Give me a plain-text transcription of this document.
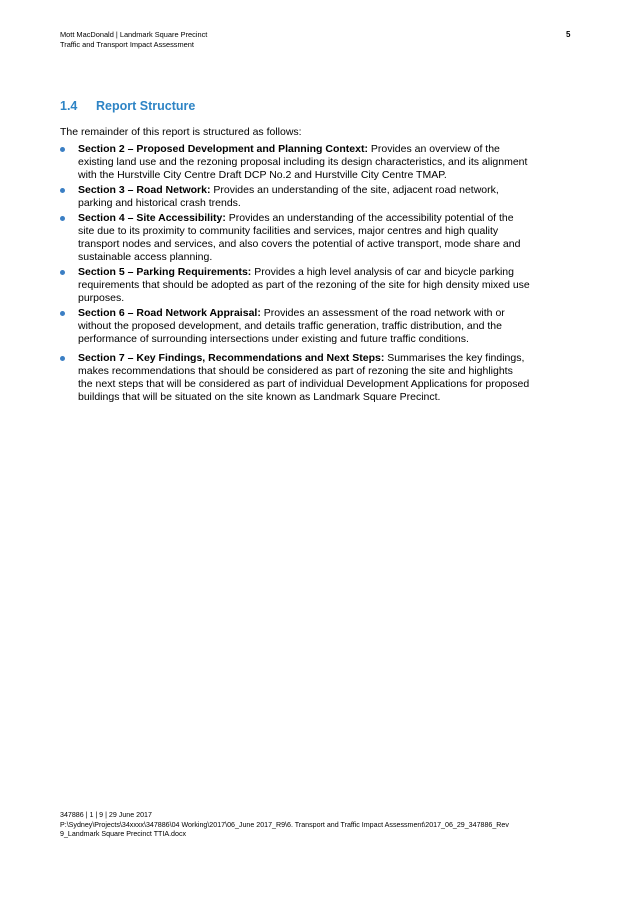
Mott MacDonald | Landmark Square Precinct
Traffic and Transport Impact Assessment
5
1.4 Report Structure
The remainder of this report is structured as follows:
Section 2 – Proposed Development and Planning Context: Provides an overview of the existing land use and the rezoning proposal including its design characteristics, and its alignment with the Hurstville City Centre Draft DCP No.2 and Hurstville City Centre TMAP.
Section 3 – Road Network: Provides an understanding of the site, adjacent road network, parking and historical crash trends.
Section 4 – Site Accessibility: Provides an understanding of the accessibility potential of the site due to its proximity to community facilities and services, major centres and high quality transport nodes and services, and also covers the potential of active transport, mode share and sustainable access planning.
Section 5 – Parking Requirements: Provides a high level analysis of car and bicycle parking requirements that should be adopted as part of the rezoning of the site for high density mixed use purposes.
Section 6 – Road Network Appraisal: Provides an assessment of the road network with or without the proposed development, and details traffic generation, traffic distribution, and the performance of surrounding intersections under existing and future traffic conditions.
Section 7 – Key Findings, Recommendations and Next Steps: Summarises the key findings, makes recommendations that should be considered as part of rezoning the site and highlights the next steps that will be considered as part of individual Development Applications for proposed buildings that will be situated on the site known as Landmark Square Precinct.
347886 | 1 | 9 | 29 June 2017
P:\Sydney\Projects\34xxxx\347886\04 Working\2017\06_June 2017_R9\6. Transport and Traffic Impact Assessment\2017_06_29_347886_Rev 9_Landmark Square Precinct TTIA.docx
